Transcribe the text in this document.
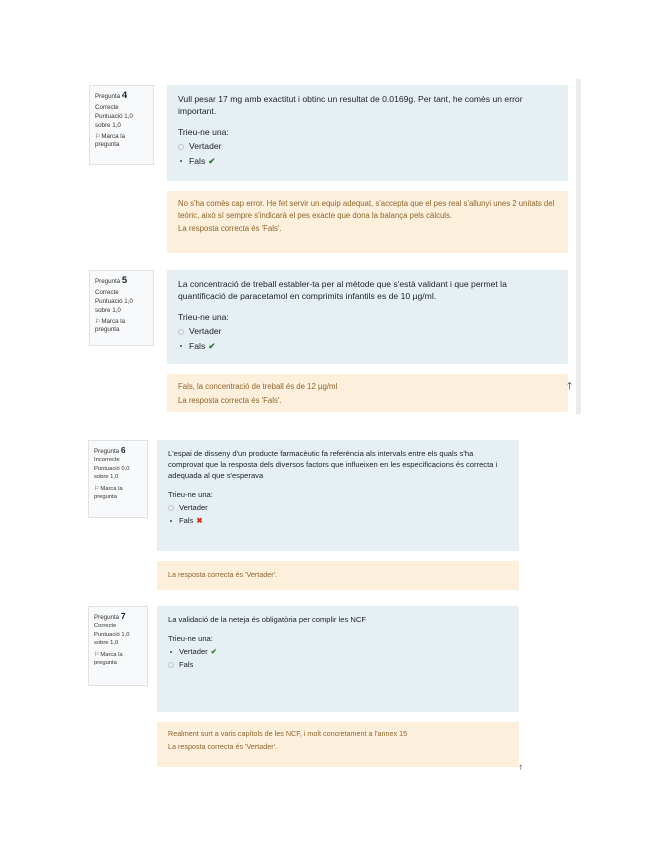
Pregunta 4
Correcte
Puntuació 1,0 sobre 1,0
⚐Marca la pregunta
Vull pesar 17 mg amb exactitut i obtinc un resultat de 0.0169g. Per tant, he comès un error important.
Trieu-ne una:
Vertader
Fals ✔
No s'ha comès cap error. He fet servir un equip adequat, s'accepta que el pes real s'allunyi unes 2 unitats del teòric, això sí sempre s'indicarà el pes exacte que dona la balança pels càlculs.
La resposta correcta és 'Fals'.
Pregunta 5
Correcte
Puntuació 1,0 sobre 1,0
⚐Marca la pregunta
La concentració de treball establer-ta per al mètode que s'està validant i que permet la quantificació de paracetamol en comprimits infantils es de 10 µg/ml.
Trieu-ne una:
Vertader
Fals ✔
Fals, la concentració de treball és de 12 µg/ml
La resposta correcta és 'Fals'.
🡑
Pregunta 6
Incorrecte
Puntuació 0,0 sobre 1,0
⚐Marca la pregunta
L'espai de disseny d'un producte farmacèutic fa referència als intervals entre els quals s'ha comprovat que la resposta dels diversos factors que influeixen en les especificacions és correcta i adequada al que s'esperava
Trieu-ne una:
Vertader
Fals ✖
La resposta correcta és 'Vertader'.
Pregunta 7
Correcte
Puntuació 1,0 sobre 1,0
⚐Marca la pregunta
La validació de la neteja és obligatòria per complir les NCF
Trieu-ne una:
Vertader ✔
Fals
Realment surt a varis capítols de les NCF, i molt concretament a l'annex 15
La resposta correcta és 'Vertader'.
🡑
